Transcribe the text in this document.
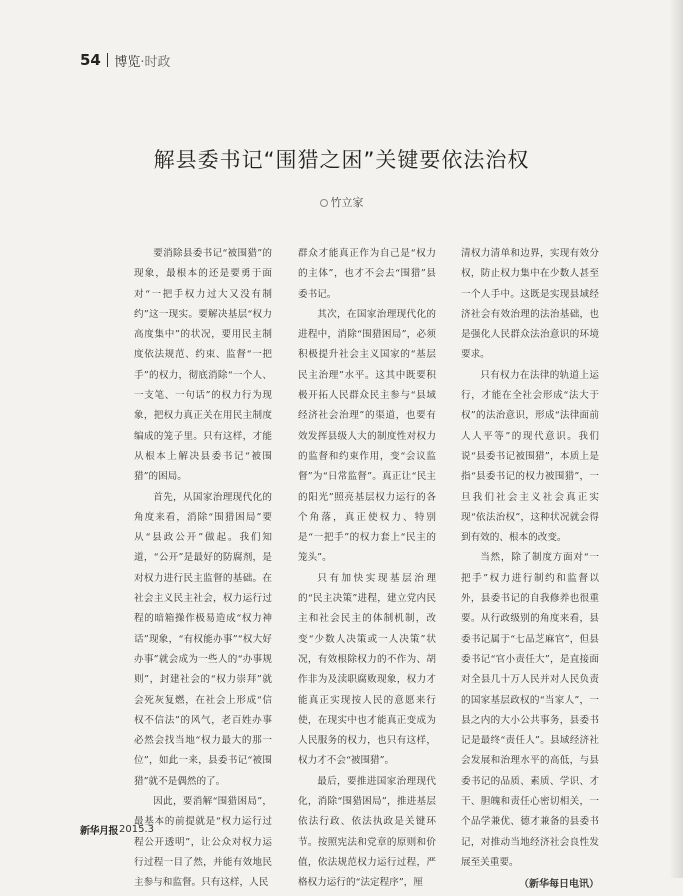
54 博览·时政
解县委书记“围猎之困”关键要依法治权
竹立家

要消除县委书记“被围猎”的现象，最根本的还是要勇于面对“一把手权力过大又没有制约”这一现实。要解决基层“权力高度集中”的状况，要用民主制度依法规范、约束、监督“一把手”的权力，彻底消除“一个人、一支笔、一句话”的权力行为现象，把权力真正关在用民主制度编成的笼子里。只有这样，才能从根本上解决县委书记“被围猎”的困局。

首先，从国家治理现代化的角度来看，消除“围猎困局”要从“县政公开”做起。我们知道，“公开”是最好的防腐剂，是对权力进行民主监督的基础。在社会主义民主社会，权力运行过程的暗箱操作极易造成“权力神话”现象，“有权能办事”“权大好办事”就会成为一些人的“办事规则”，封建社会的“权力崇拜”就会死灰复燃，在社会上形成“信权不信法”的风气，老百姓办事必然会找当地“权力最大的那一位”，如此一来，县委书记“被围猎”就不是偶然的了。

因此，要消解“围猎困局”，最基本的前提就是“权力运行过程公开透明”，让公众对权力运行过程一目了然，并能有效地民主参与和监督。只有这样，人民

群众才能真正作为自己是“权力的主体”，也才不会去“围猎”县委书记。

其次，在国家治理现代化的进程中，消除“围猎困局”，必须积极提升社会主义国家的“基层民主治理”水平。这其中既要积极开拓人民群众民主参与“县域经济社会治理”的渠道，也要有效发挥县级人大的制度性对权力的监督和约束作用，变“会议监督”为“日常监督”。真正让“民主的阳光”照亮基层权力运行的各个角落，真正使权力、特别是“一把手”的权力套上“民主的笼头”。

只有加快实现基层治理的“民主决策”进程，建立党内民主和社会民主的体制机制，改变“少数人决策或一人决策”状况，有效根除权力的不作为、胡作非为及渎职腐败现象，权力才能真正实现按人民的意愿来行使，在现实中也才能真正变成为人民服务的权力，也只有这样，权力才不会“被围猎”。

最后，要推进国家治理现代化，消除“围猎困局”，推进基层依法行政、依法执政是关键环节。按照宪法和党章的原则和价值，依法规范权力运行过程，严格权力运行的“法定程序”，厘

清权力清单和边界，实现有效分权，防止权力集中在少数人甚至一个人手中。这既是实现县域经济社会有效治理的法治基础，也是强化人民群众法治意识的环境要求。

只有权力在法律的轨道上运行，才能在全社会形成“法大于权”的法治意识，形成“法律面前人人平等”的现代意识。我们说“县委书记被围猎”，本质上是指“县委书记的权力被围猎”，一旦我们社会主义社会真正实现“依法治权”，这种状况就会得到有效的、根本的改变。

当然，除了制度方面对“一把手”权力进行制约和监督以外，县委书记的自我修养也很重要。从行政级别的角度来看，县委书记属于“七品芝麻官”，但县委书记“官小责任大”，是直接面对全县几十万人民并对人民负责的国家基层政权的“当家人”，一县之内的大小公共事务，县委书记是最终“责任人”。县域经济社会发展和治理水平的高低，与县委书记的品质、素质、学识、才干、胆魄和责任心密切相关，一个品学兼优、德才兼备的县委书记，对推动当地经济社会良性发展至关重要。

（新华每日电讯）

新华月报 2015.3
